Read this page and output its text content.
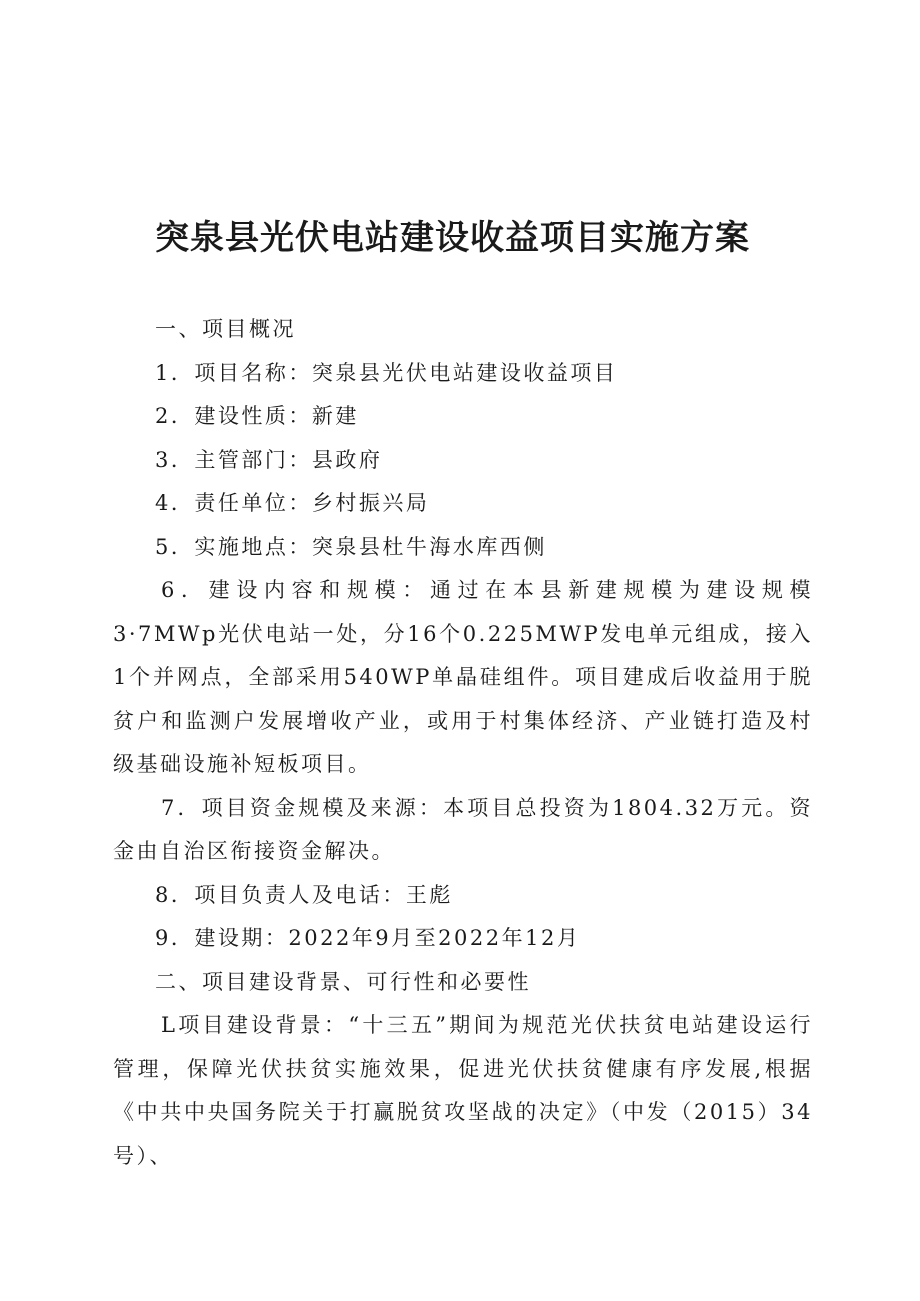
突泉县光伏电站建设收益项目实施方案

一、项目概况

1．项目名称：突泉县光伏电站建设收益项目

2．建设性质：新建

3．主管部门：县政府

4．责任单位：乡村振兴局

5．实施地点：突泉县杜牛海水库西侧

6．建设内容和规模：通过在本县新建规模为建设规模3·7MWp光伏电站一处，分16个0.225MWP发电单元组成，接入1个并网点，全部采用540WP单晶硅组件。项目建成后收益用于脱贫户和监测户发展增收产业，或用于村集体经济、产业链打造及村级基础设施补短板项目。

7．项目资金规模及来源：本项目总投资为1804.32万元。资金由自治区衔接资金解决。

8．项目负责人及电话：王彪

9．建设期：2022年9月至2022年12月

二、项目建设背景、可行性和必要性

L项目建设背景：“十三五”期间为规范光伏扶贫电站建设运行管理，保障光伏扶贫实施效果，促进光伏扶贫健康有序发展,根据《中共中央国务院关于打赢脱贫攻坚战的决定》（中发（2015）34号）、
